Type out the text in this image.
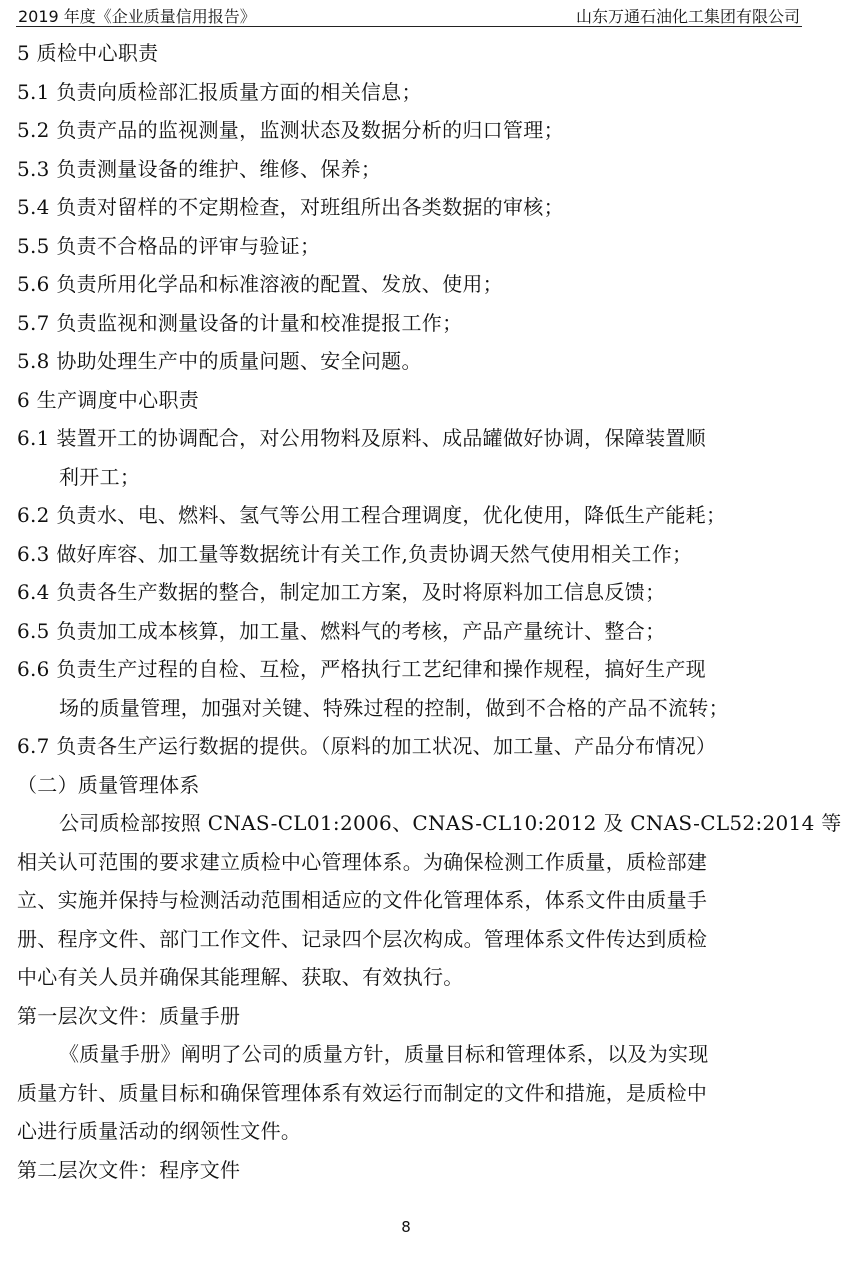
2019 年度《企业质量信用报告》	山东万通石油化工集团有限公司

5 质检中心职责

5.1 负责向质检部汇报质量方面的相关信息；

5.2 负责产品的监视测量，监测状态及数据分析的归口管理；

5.3 负责测量设备的维护、维修、保养；

5.4 负责对留样的不定期检查，对班组所出各类数据的审核；

5.5 负责不合格品的评审与验证；

5.6 负责所用化学品和标准溶液的配置、发放、使用；

5.7 负责监视和测量设备的计量和校准提报工作；

5.8 协助处理生产中的质量问题、安全问题。

6 生产调度中心职责

6.1 装置开工的协调配合，对公用物料及原料、成品罐做好协调，保障装置顺

利开工；

6.2 负责水、电、燃料、氢气等公用工程合理调度，优化使用，降低生产能耗；

6.3 做好库容、加工量等数据统计有关工作,负责协调天然气使用相关工作；

6.4 负责各生产数据的整合，制定加工方案，及时将原料加工信息反馈；

6.5 负责加工成本核算，加工量、燃料气的考核，产品产量统计、整合；

6.6 负责生产过程的自检、互检，严格执行工艺纪律和操作规程，搞好生产现

场的质量管理，加强对关键、特殊过程的控制，做到不合格的产品不流转；

6.7 负责各生产运行数据的提供。（原料的加工状况、加工量、产品分布情况）

（二）质量管理体系

公司质检部按照 CNAS-CL01:2006、CNAS-CL10:2012 及 CNAS-CL52:2014 等

相关认可范围的要求建立质检中心管理体系。为确保检测工作质量，质检部建

立、实施并保持与检测活动范围相适应的文件化管理体系，体系文件由质量手

册、程序文件、部门工作文件、记录四个层次构成。管理体系文件传达到质检

中心有关人员并确保其能理解、获取、有效执行。

第一层次文件：质量手册

《质量手册》阐明了公司的质量方针，质量目标和管理体系，以及为实现

质量方针、质量目标和确保管理体系有效运行而制定的文件和措施，是质检中

心进行质量活动的纲领性文件。

第二层次文件：程序文件

8
